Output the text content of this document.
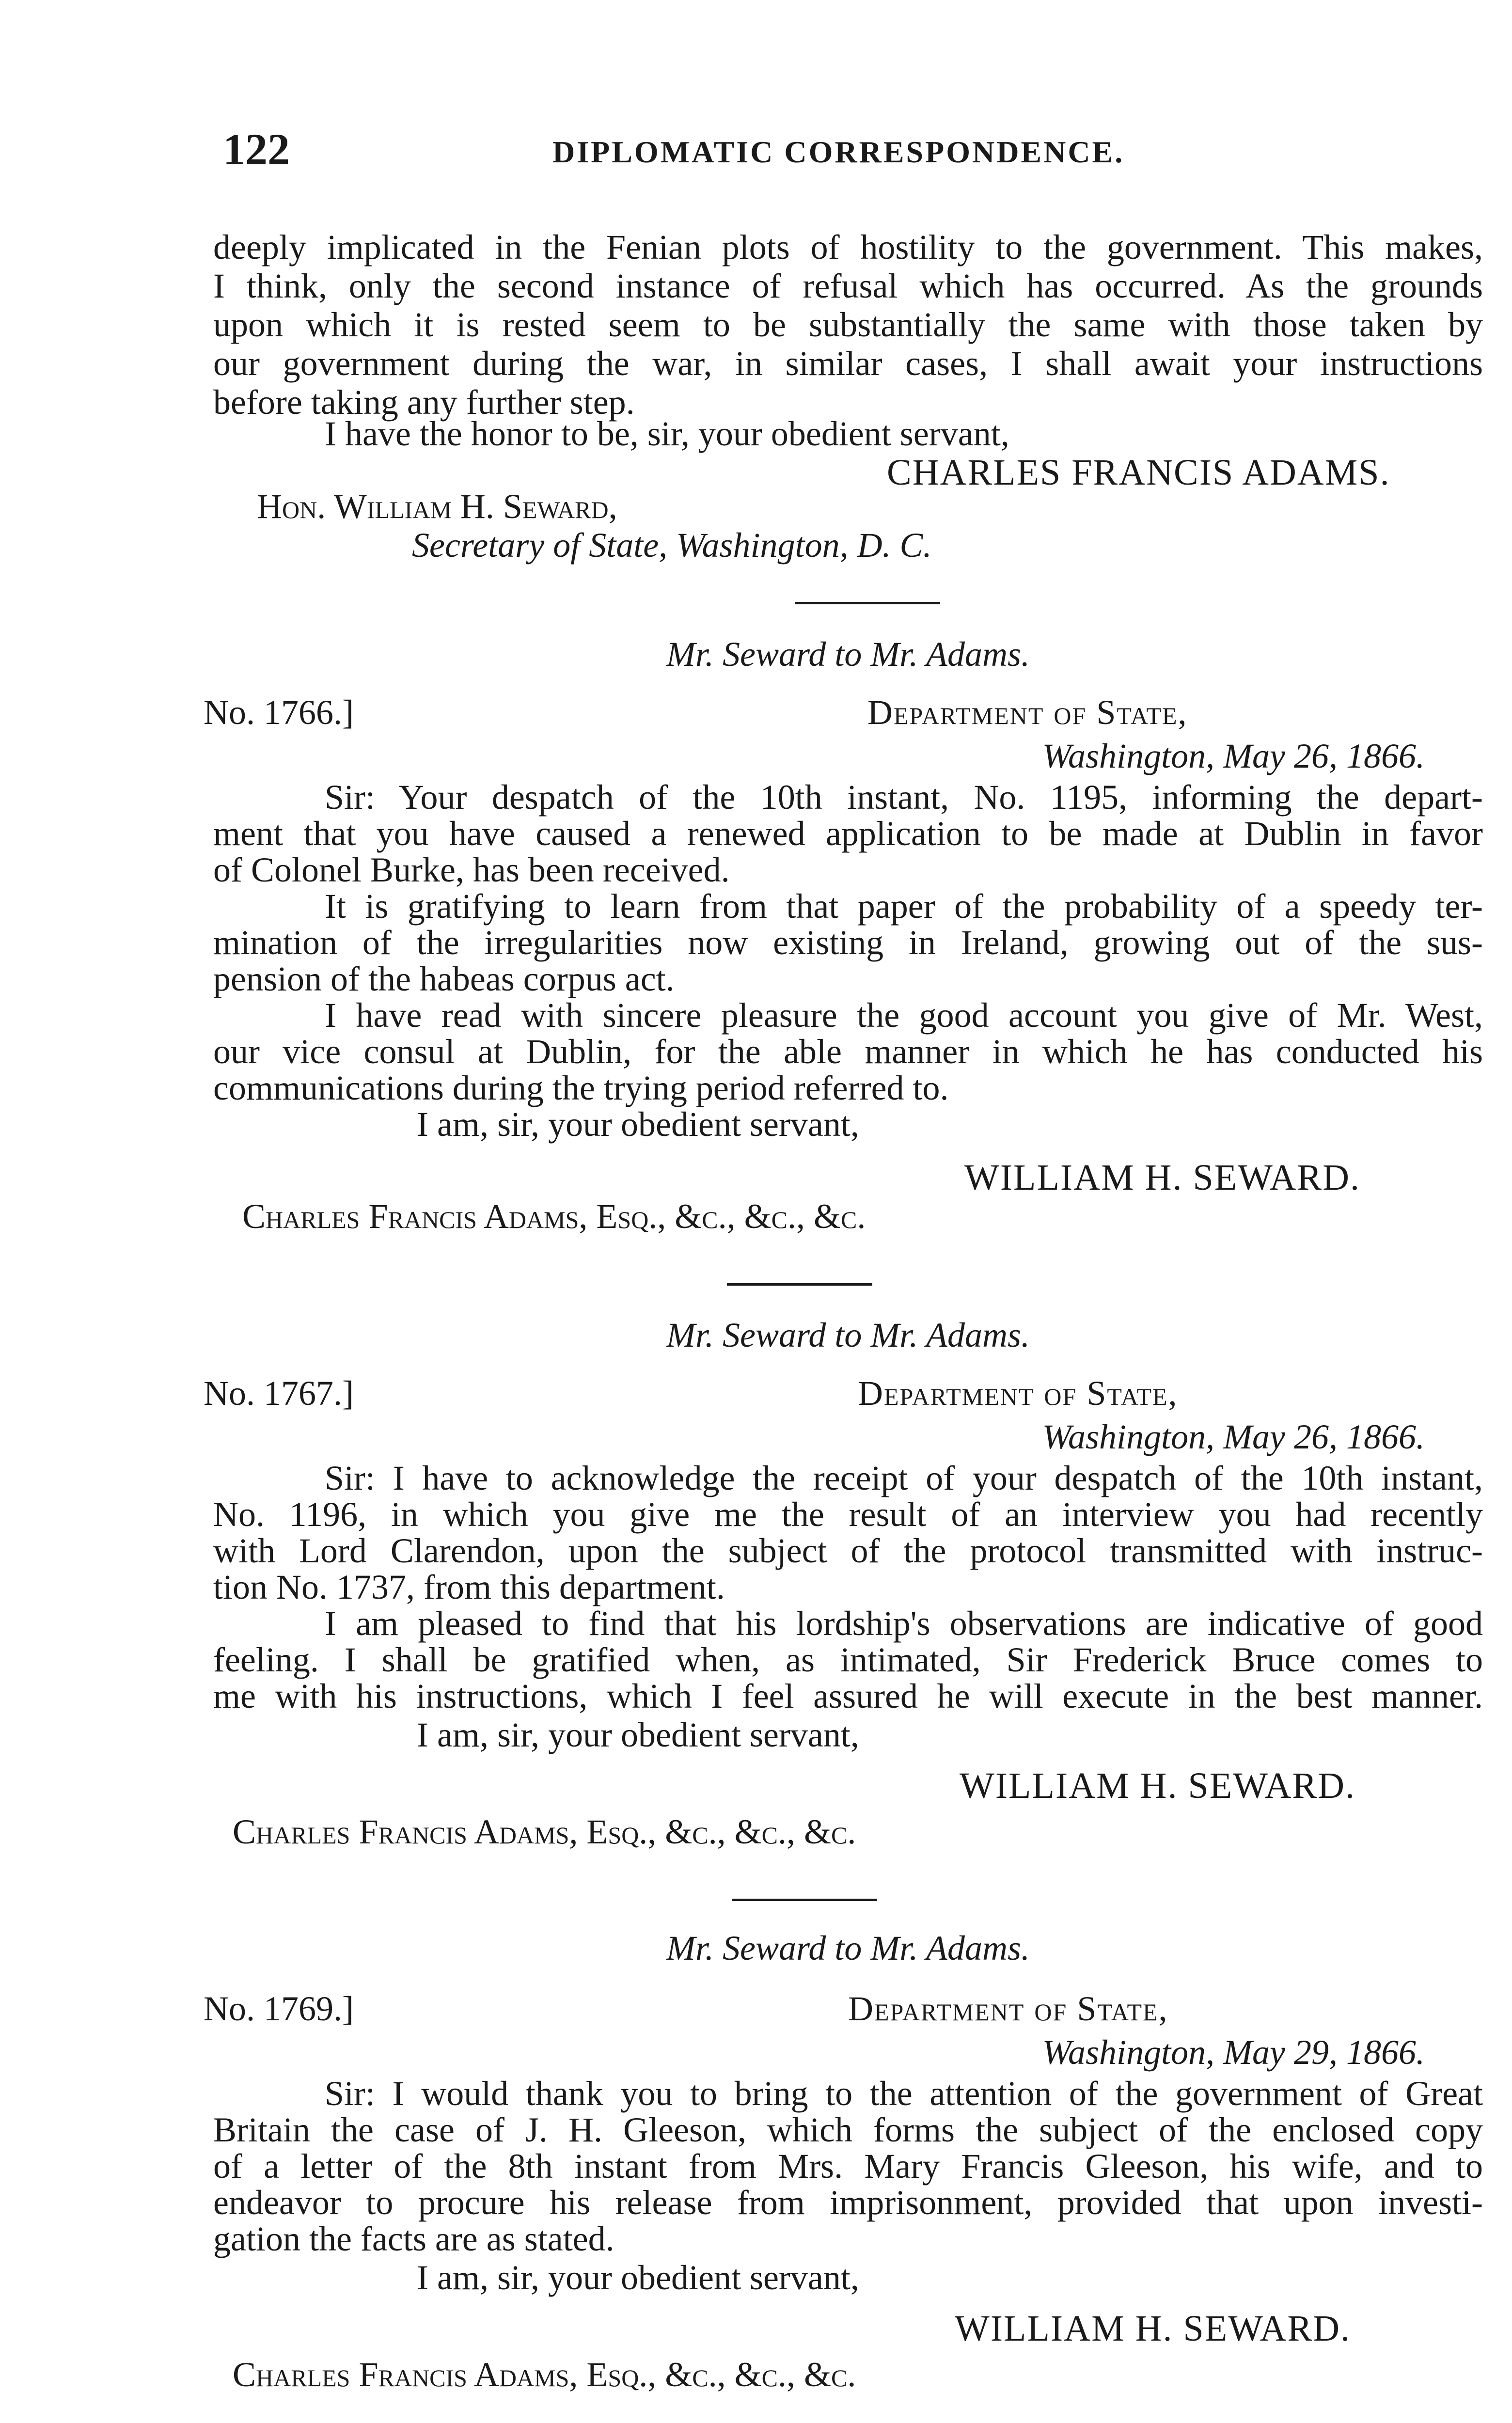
122	DIPLOMATIC CORRESPONDENCE.
deeply implicated in the Fenian plots of hostility to the government. This makes,
I think, only the second instance of refusal which has occurred. As the grounds
upon which it is rested seem to be substantially the same with those taken by
our government during the war, in similar cases, I shall await your instructions
before taking any further step.
I have the honor to be, sir, your obedient servant,
CHARLES FRANCIS ADAMS.
Hon. William H. Seward,
Secretary of State, Washington, D. C.
Mr. Seward to Mr. Adams.
No. 1766.]	Department of State,
Washington, May 26, 1866.
Sir: Your despatch of the 10th instant, No. 1195, informing the depart-
ment that you have caused a renewed application to be made at Dublin in favor
of Colonel Burke, has been received.
It is gratifying to learn from that paper of the probability of a speedy ter-
mination of the irregularities now existing in Ireland, growing out of the sus-
pension of the habeas corpus act.
I have read with sincere pleasure the good account you give of Mr. West,
our vice consul at Dublin, for the able manner in which he has conducted his
communications during the trying period referred to.
I am, sir, your obedient servant,
WILLIAM H. SEWARD.
Charles Francis Adams, Esq., &c., &c., &c.
Mr. Seward to Mr. Adams.
No. 1767.]	Department of State,
Washington, May 26, 1866.
Sir: I have to acknowledge the receipt of your despatch of the 10th instant,
No. 1196, in which you give me the result of an interview you had recently
with Lord Clarendon, upon the subject of the protocol transmitted with instruc-
tion No. 1737, from this department.
I am pleased to find that his lordship's observations are indicative of good
feeling. I shall be gratified when, as intimated, Sir Frederick Bruce comes to
me with his instructions, which I feel assured he will execute in the best manner.
I am, sir, your obedient servant,
WILLIAM H. SEWARD.
Charles Francis Adams, Esq., &c., &c., &c.
Mr. Seward to Mr. Adams.
No. 1769.]	Department of State,
Washington, May 29, 1866.
Sir: I would thank you to bring to the attention of the government of Great
Britain the case of J. H. Gleeson, which forms the subject of the enclosed copy
of a letter of the 8th instant from Mrs. Mary Francis Gleeson, his wife, and to
endeavor to procure his release from imprisonment, provided that upon investi-
gation the facts are as stated.
I am, sir, your obedient servant,
WILLIAM H. SEWARD.
Charles Francis Adams, Esq., &c., &c., &c.
